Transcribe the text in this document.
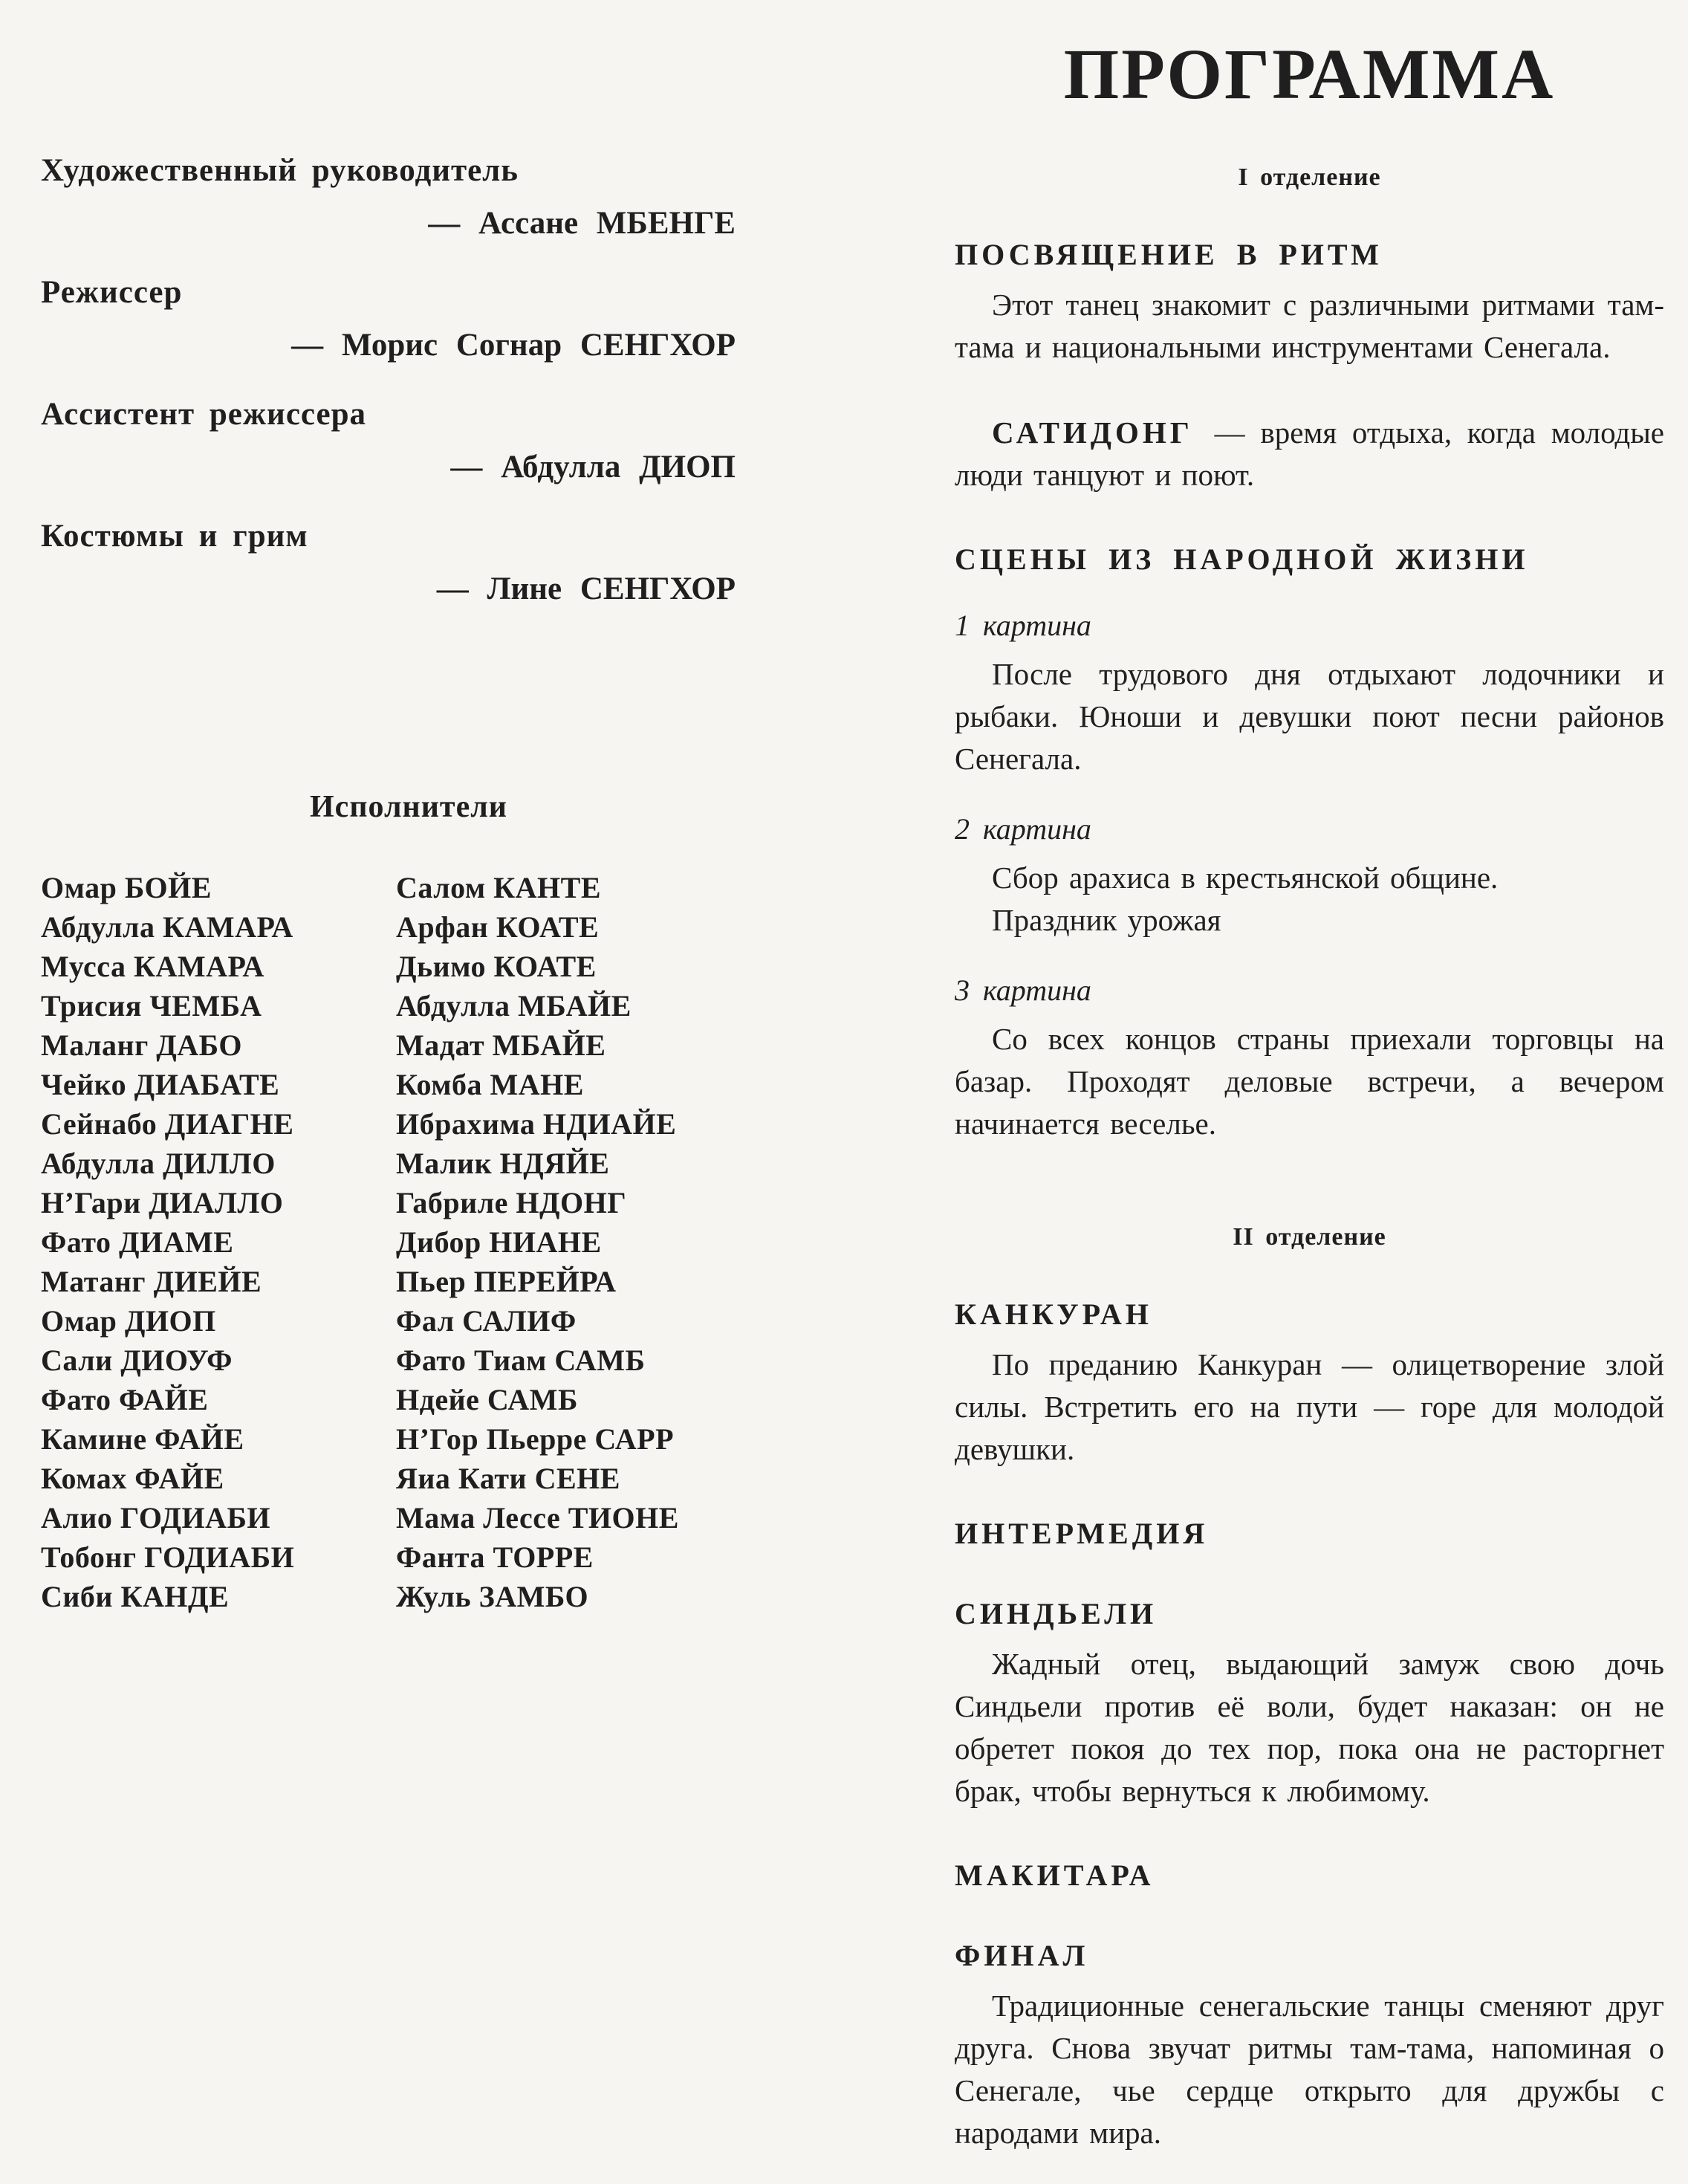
Художественный руководитель
— Ассане МБЕНГЕ
Режиссер
— Морис Согнар СЕНГХОР
Ассистент режиссера
— Абдулла ДИОП
Костюмы и грим
— Лине СЕНГХОР
Исполнители
Омар БОЙЕ
Абдулла КАМАРА
Мусса КАМАРА
Трисия ЧЕМБА
Маланг ДАБО
Чейко ДИАБАТЕ
Сейнабо ДИАГНЕ
Абдулла ДИЛЛО
Н’Гари ДИАЛЛО
Фато ДИАМЕ
Матанг ДИЕЙЕ
Омар ДИОП
Сали ДИОУФ
Фато ФАЙЕ
Камине ФАЙЕ
Комах ФАЙЕ
Алио ГОДИАБИ
Тобонг ГОДИАБИ
Сиби КАНДЕ
Салом КАНТЕ
Арфан КОАТЕ
Дьимо КОАТЕ
Абдулла МБАЙЕ
Мадат МБАЙЕ
Комба МАНЕ
Ибрахима НДИАЙЕ
Малик НДЯЙЕ
Габриле НДОНГ
Дибор НИАНЕ
Пьер ПЕРЕЙРА
Фал САЛИФ
Фато Тиам САМБ
Ндейе САМБ
Н’Гор Пьерре САРР
Яиа Кати СЕНЕ
Мама Лессе ТИОНЕ
Фанта ТОРРЕ
Жуль ЗАМБО
ПРОГРАММА
I отделение
ПОСВЯЩЕНИЕ В РИТМ

Этот танец знакомит с различными ритмами там-тама и национальными инструментами Сенегала.

САТИДОНГ — время отдыха, когда молодые люди танцуют и поют.

СЦЕНЫ ИЗ НАРОДНОЙ ЖИЗНИ
1 картина

После трудового дня отдыхают лодочники и рыбаки. Юноши и девушки поют песни районов Сенегала.

2 картина
Сбор арахиса в крестьянской общине.
Праздник урожая
3 картина

Со всех концов страны приехали торговцы на базар. Проходят деловые встречи, а вечером начинается веселье.

II отделение
КАНКУРАН

По преданию Канкуран — олицетворение злой силы. Встретить его на пути — горе для молодой девушки.

ИНТЕРМЕДИЯ
СИНДЬЕЛИ

Жадный отец, выдающий замуж свою дочь Синдьели против её воли, будет наказан: он не обретет покоя до тех пор, пока она не расторгнет брак, чтобы вернуться к любимому.

МАКИТАРА
ФИНАЛ

Традиционные сенегальские танцы сменяют друг друга. Снова звучат ритмы там-тама, напоминая о Сенегале, чье сердце открыто для дружбы с народами мира.
